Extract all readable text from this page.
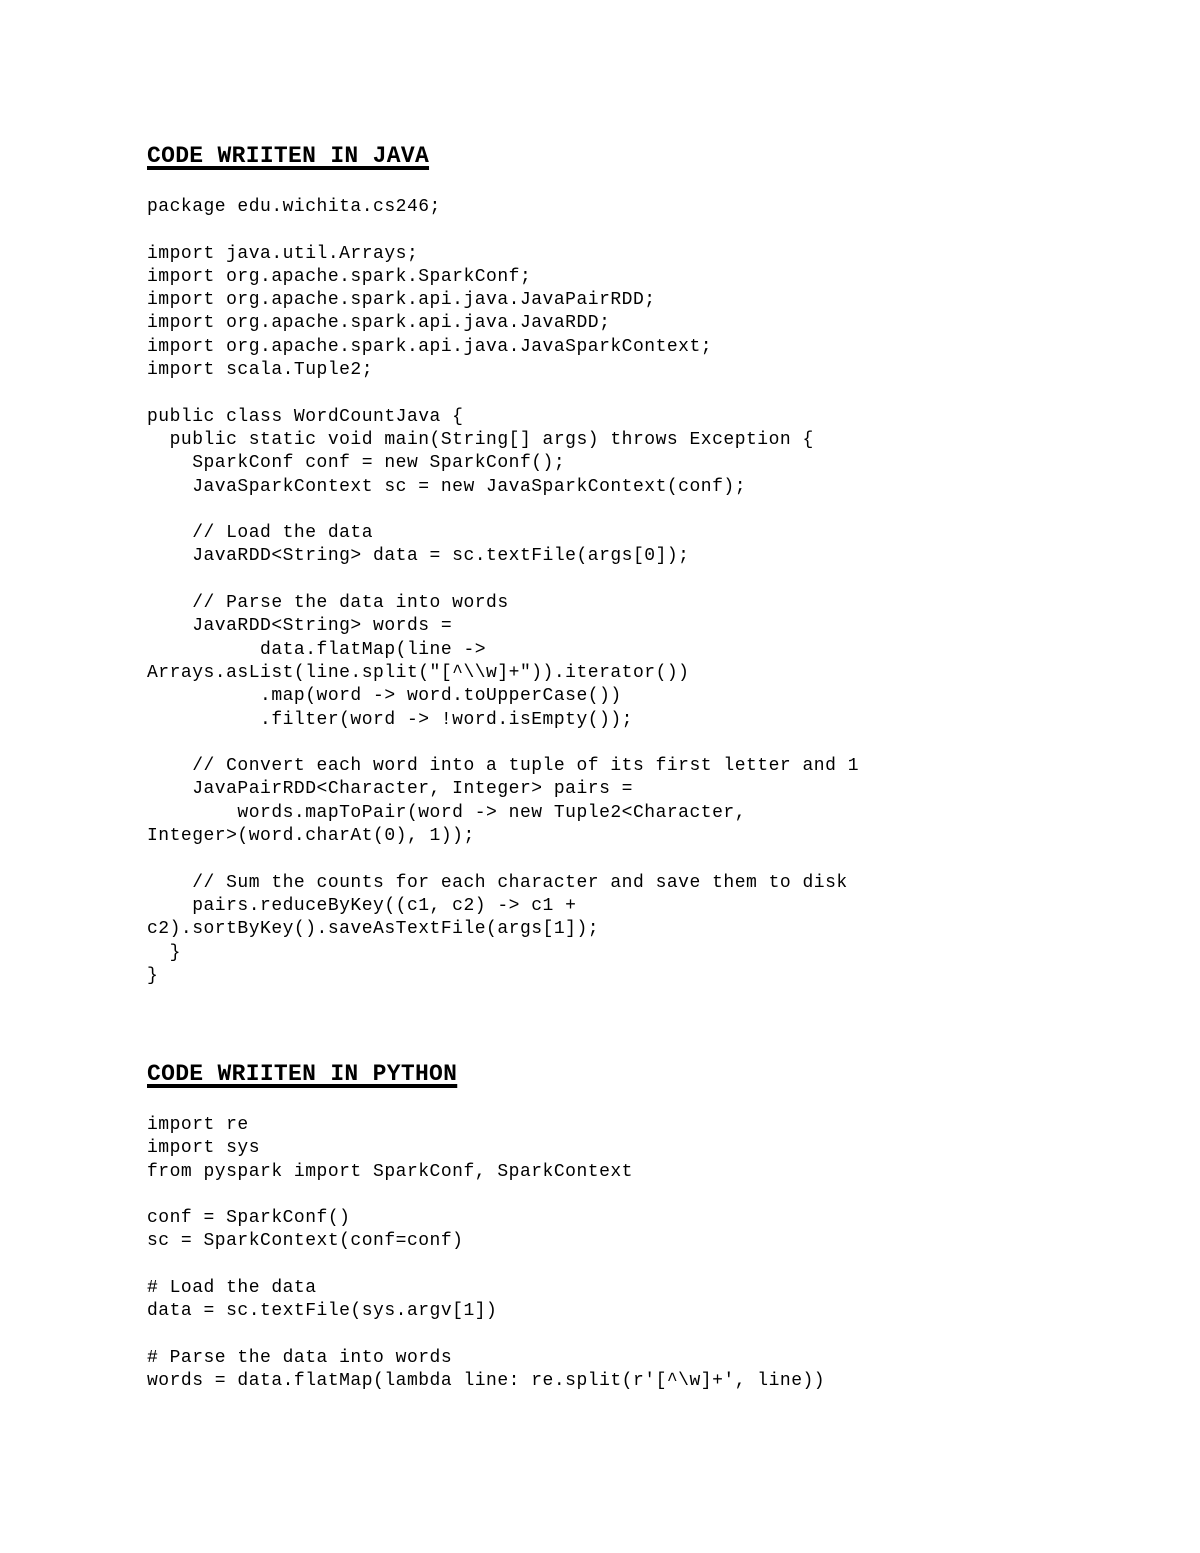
CODE WRIITEN IN JAVA
package edu.wichita.cs246;
import java.util.Arrays;
import org.apache.spark.SparkConf;
import org.apache.spark.api.java.JavaPairRDD;
import org.apache.spark.api.java.JavaRDD;
import org.apache.spark.api.java.JavaSparkContext;
import scala.Tuple2;
public class WordCountJava {
public static void main(String[] args) throws Exception {
SparkConf conf = new SparkConf();
JavaSparkContext sc = new JavaSparkContext(conf);
// Load the data
JavaRDD<String> data = sc.textFile(args[0]);
// Parse the data into words
JavaRDD<String> words =
data.flatMap(line ->
Arrays.asList(line.split("[^\\w]+")).iterator())
.map(word -> word.toUpperCase())
.filter(word -> !word.isEmpty());
// Convert each word into a tuple of its first letter and 1
JavaPairRDD<Character, Integer> pairs =
words.mapToPair(word -> new Tuple2<Character,
Integer>(word.charAt(0), 1));
// Sum the counts for each character and save them to disk
pairs.reduceByKey((c1, c2) -> c1 +
c2).sortByKey().saveAsTextFile(args[1]);
}
}
CODE WRIITEN IN PYTHON
import re
import sys
from pyspark import SparkConf, SparkContext
conf = SparkConf()
sc = SparkContext(conf=conf)
# Load the data
data = sc.textFile(sys.argv[1])
# Parse the data into words
words = data.flatMap(lambda line: re.split(r'[^\w]+', line))
